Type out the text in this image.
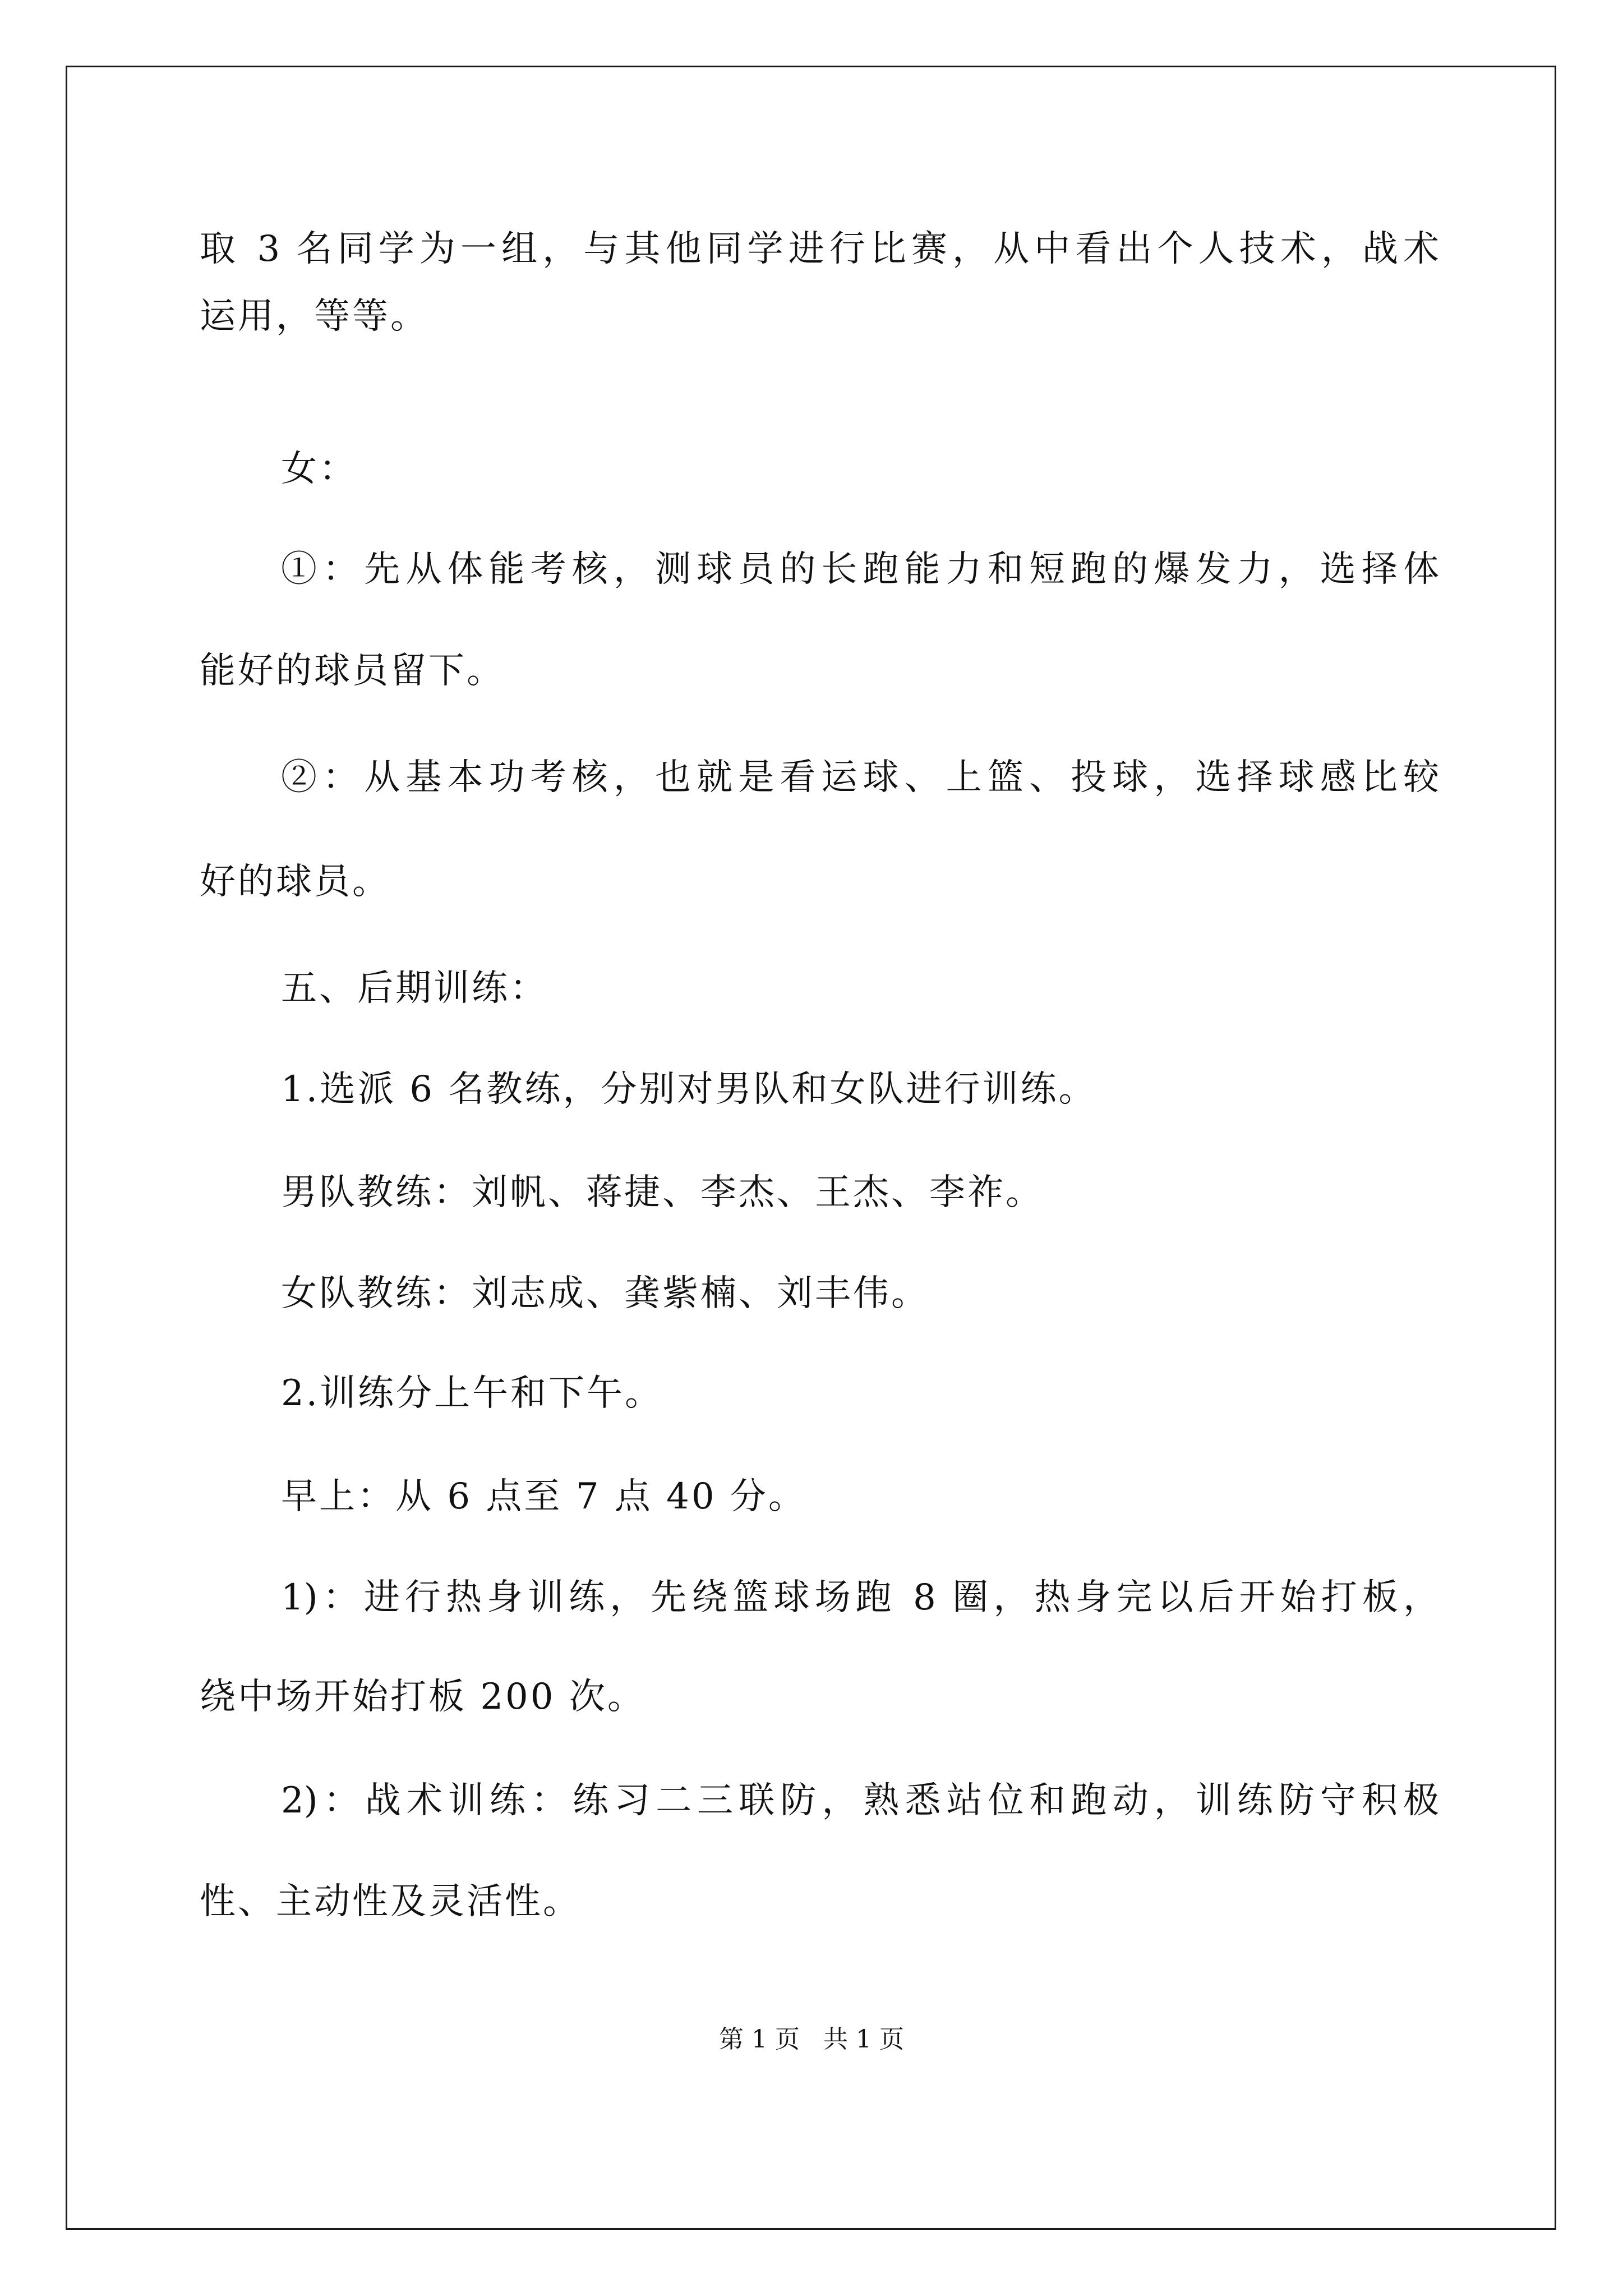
取 3 名同学为一组，与其他同学进行比赛，从中看出个人技术，战术
运用，等等。
女：
①：先从体能考核，测球员的长跑能力和短跑的爆发力，选择体
能好的球员留下。
②：从基本功考核，也就是看运球、上篮、投球，选择球感比较
好的球员。
五、后期训练：
1.选派 6 名教练，分别对男队和女队进行训练。
男队教练：刘帆、蒋捷、李杰、王杰、李祚。
女队教练：刘志成、龚紫楠、刘丰伟。
2.训练分上午和下午。
早上：从 6 点至 7 点 40 分。
1)：进行热身训练，先绕篮球场跑 8 圈，热身完以后开始打板，
绕中场开始打板 200 次。
2)：战术训练：练习二三联防，熟悉站位和跑动，训练防守积极
性、主动性及灵活性。
第 1 页   共 1 页
